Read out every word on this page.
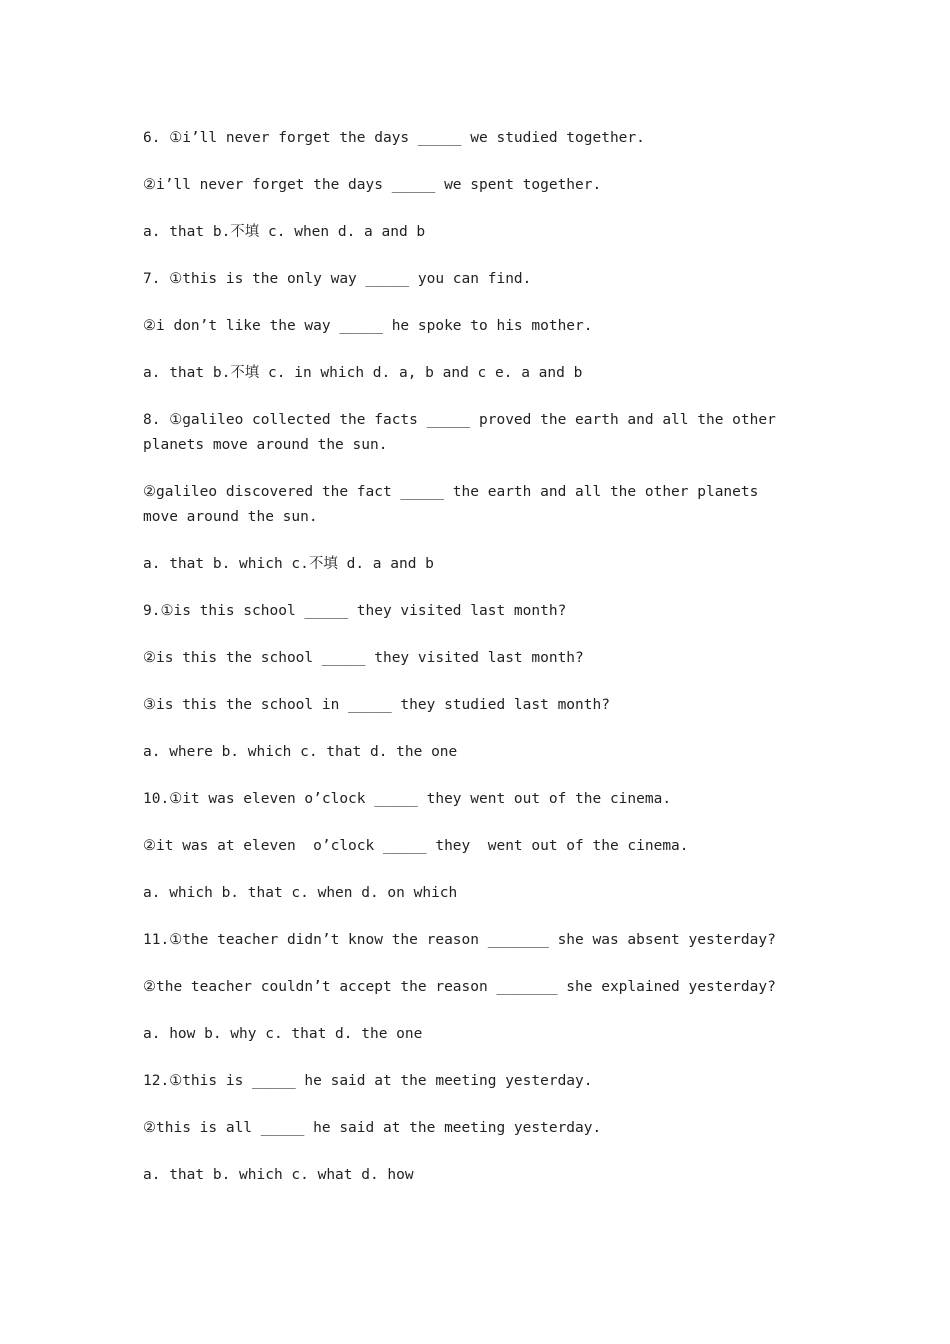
6. ①i’ll never forget the days _____ we studied together.

②i’ll never forget the days _____ we spent together.

a. that b.不填 c. when d. a and b

7. ①this is the only way _____ you can find.

②i don’t like the way _____ he spoke to his mother.

a. that b.不填 c. in which d. a, b and c e. a and b

8. ①galileo collected the facts _____ proved the earth and all the other planets move around the sun.

②galileo discovered the fact _____ the earth and all the other planets move around the sun.

a. that b. which c.不填 d. a and b

9.①is this school _____ they visited last month?

②is this the school _____ they visited last month?

③is this the school in _____ they studied last month?

a. where b. which c. that d. the one

10.①it was eleven o’clock _____ they went out of the cinema.

②it was at eleven  o’clock _____ they  went out of the cinema.

a. which b. that c. when d. on which

11.①the teacher didn’t know the reason _______ she was absent yesterday?

②the teacher couldn’t accept the reason _______ she explained yesterday?

a. how b. why c. that d. the one

12.①this is _____ he said at the meeting yesterday.

②this is all _____ he said at the meeting yesterday.

a. that b. which c. what d. how
